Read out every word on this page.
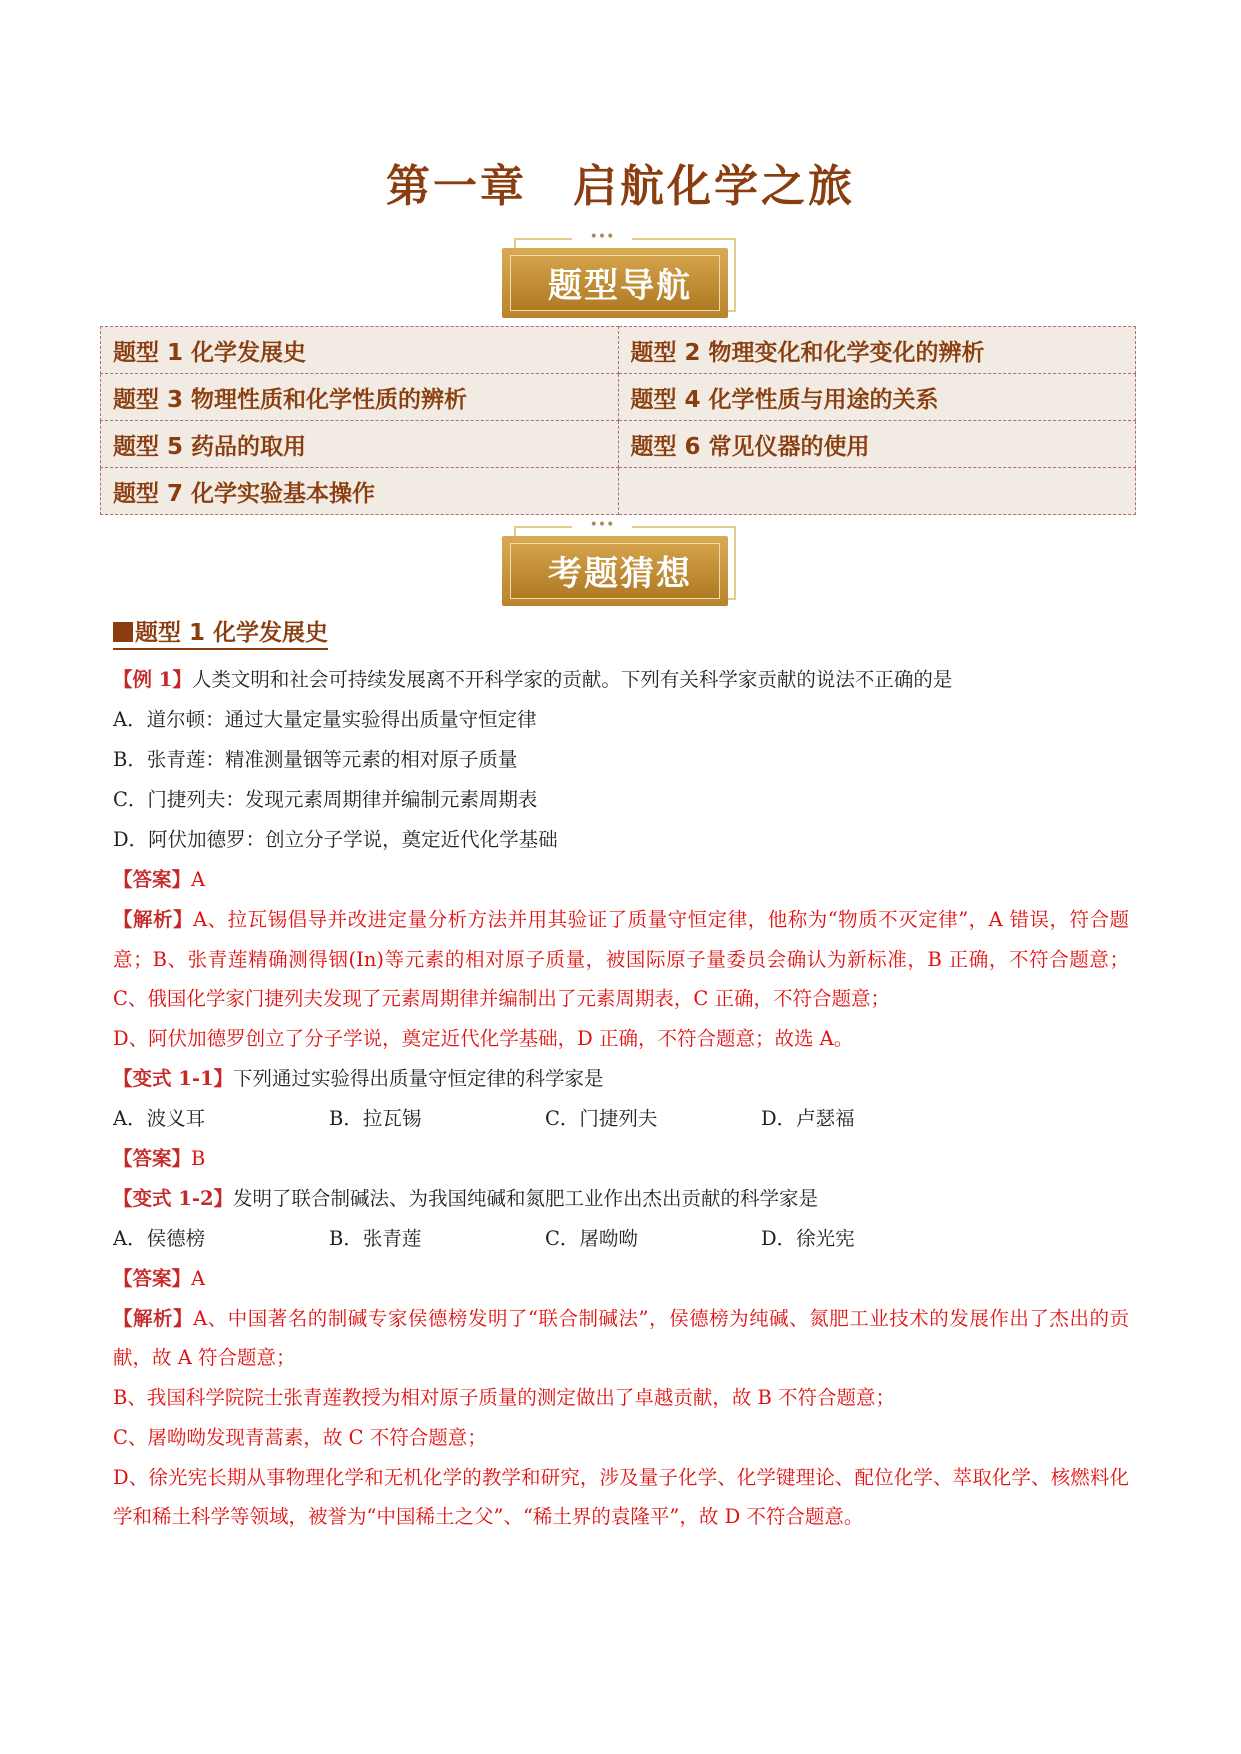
第一章 启航化学之旅
•••
题型导航
题型 1 化学发展史	题型 2 物理变化和化学变化的辨析
题型 3 物理性质和化学性质的辨析	题型 4 化学性质与用途的关系
题型 5 药品的取用	题型 6 常见仪器的使用
题型 7 化学实验基本操作	
•••
考题猜想
题型 1 化学发展史
【例 1】人类文明和社会可持续发展离不开科学家的贡献。下列有关科学家贡献的说法不正确的是
A．道尔顿：通过大量定量实验得出质量守恒定律
B．张青莲：精准测量铟等元素的相对原子质量
C．门捷列夫：发现元素周期律并编制元素周期表
D．阿伏加德罗：创立分子学说，奠定近代化学基础
【答案】A
【解析】A、拉瓦锡倡导并改进定量分析方法并用其验证了质量守恒定律，他称为“物质不灭定律”，A 错误，符合题意；B、张青莲精确测得铟(In)等元素的相对原子质量，被国际原子量委员会确认为新标准，B 正确，不符合题意；C、俄国化学家门捷列夫发现了元素周期律并编制出了元素周期表，C 正确，不符合题意；
D、阿伏加德罗创立了分子学说，奠定近代化学基础，D 正确，不符合题意；故选 A。
【变式 1-1】下列通过实验得出质量守恒定律的科学家是
A．波义耳	B．拉瓦锡	C．门捷列夫	D．卢瑟福
【答案】B
【变式 1-2】发明了联合制碱法、为我国纯碱和氮肥工业作出杰出贡献的科学家是
A．侯德榜	B．张青莲	C．屠呦呦	D．徐光宪
【答案】A
【解析】A、中国著名的制碱专家侯德榜发明了“联合制碱法”，侯德榜为纯碱、氮肥工业技术的发展作出了杰出的贡献，故 A 符合题意；
B、我国科学院院士张青莲教授为相对原子质量的测定做出了卓越贡献，故 B 不符合题意；
C、屠呦呦发现青蒿素，故 C 不符合题意；
D、徐光宪长期从事物理化学和无机化学的教学和研究，涉及量子化学、化学键理论、配位化学、萃取化学、核燃料化学和稀土科学等领域，被誉为“中国稀土之父”、“稀土界的袁隆平”，故 D 不符合题意。
